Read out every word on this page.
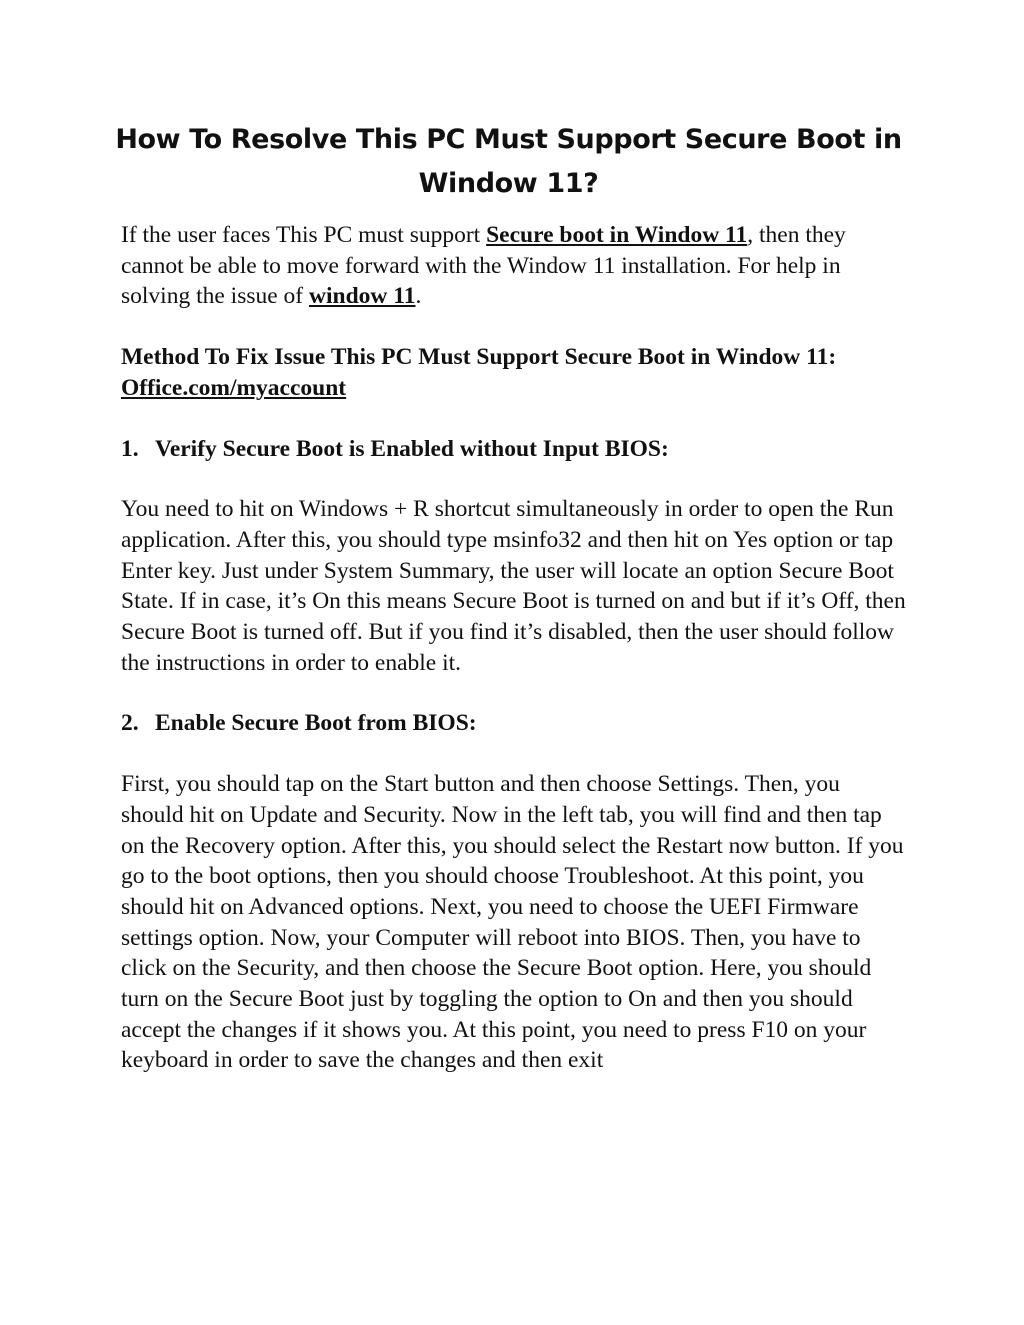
How To Resolve This PC Must Support Secure Boot in
Window 11?

If the user faces This PC must support Secure boot in Window 11, then they cannot be able to move forward with the Window 11 installation. For help in solving the issue of window 11.

Method To Fix Issue This PC Must Support Secure Boot in Window 11: Office.com/myaccount

1. Verify Secure Boot is Enabled without Input BIOS:

You need to hit on Windows + R shortcut simultaneously in order to open the Run application. After this, you should type msinfo32 and then hit on Yes option or tap Enter key. Just under System Summary, the user will locate an option Secure Boot State. If in case, it’s On this means Secure Boot is turned on and but if it’s Off, then Secure Boot is turned off. But if you find it’s disabled, then the user should follow the instructions in order to enable it.

2. Enable Secure Boot from BIOS:

First, you should tap on the Start button and then choose Settings. Then, you should hit on Update and Security. Now in the left tab, you will find and then tap on the Recovery option. After this, you should select the Restart now button. If you go to the boot options, then you should choose Troubleshoot. At this point, you should hit on Advanced options. Next, you need to choose the UEFI Firmware settings option. Now, your Computer will reboot into BIOS. Then, you have to click on the Security, and then choose the Secure Boot option. Here, you should turn on the Secure Boot just by toggling the option to On and then you should accept the changes if it shows you. At this point, you need to press F10 on your keyboard in order to save the changes and then exit
